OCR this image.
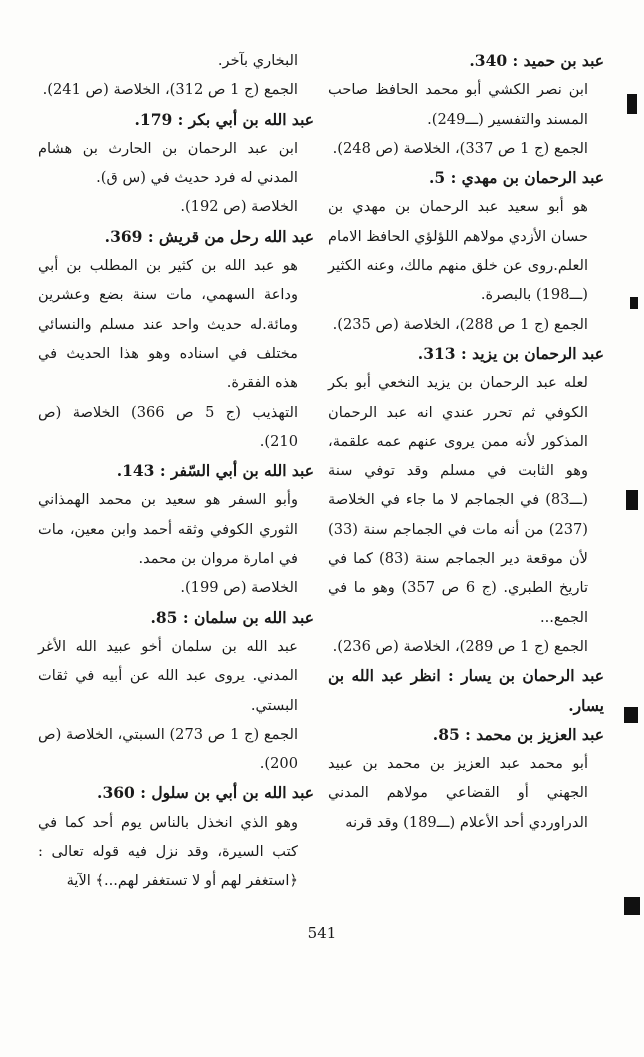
عبد بن حميد : 340.

ابن نصر الكشي أبو محمد الحافظ صاحب المسند والتفسير (ـــ249).

الجمع (ج 1 ص 337)، الخلاصة (ص 248).

عبد الرحمان بن مهدي : 5.

هو أبو سعيد عبد الرحمان بن مهدي بن حسان الأزدي مولاهم اللؤلؤي الحافظ الامام العلم.روى عن خلق منهم مالك، وعنه الكثير (ـــ198) بالبصرة.

الجمع (ج 1 ص 288)، الخلاصة (ص 235).

عبد الرحمان بن يزيد : 313.

لعله عبد الرحمان بن يزيد النخعي أبو بكر الكوفي ثم تحرر عندي انه عبد الرحمان المذكور لأنه ممن يروى عنهم عمه علقمة، وهو الثابت في مسلم وقد توفي سنة (ـــ83) في الجماجم لا ما جاء في الخلاصة (237) من أنه مات في الجماجم سنة (33) لأن موقعة دير الجماجم سنة (83) كما في تاريخ الطبري. (ج 6 ص 357) وهو ما في الجمع...

الجمع (ج 1 ص 289)، الخلاصة (ص 236).

عبد الرحمان بن يسار : انظر عبد الله بن يسار.

عبد العزيز بن محمد : 85.

أبو محمد عبد العزيز بن محمد بن عبيد الجهني أو القضاعي مولاهم المدني الدراوردي أحد الأعلام (ـــ189) وقد قرنه

البخاري بآخر.

الجمع (ج 1 ص 312)، الخلاصة (ص 241).

عبد الله بن أبي بكر : 179.

ابن عبد الرحمان بن الحارث بن هشام المدني له فرد حديث في (س ق).

الخلاصة (ص 192).

عبد الله رحل من قريش : 369.

هو عبد الله بن كثير بن المطلب بن أبي وداعة السهمي، مات سنة بضع وعشرين ومائة.له حديث واحد عند مسلم والنسائي مختلف في اسناده وهو هذا الحديث في هذه الفقرة.

التهذيب (ج 5 ص 366) الخلاصة (ص 210).

عبد الله بن أبي السّفر : 143.

وأبو السفر هو سعيد بن محمد الهمذاني الثوري الكوفي وثقه أحمد وابن معين، مات في امارة مروان بن محمد.

الخلاصة (ص 199).

عبد الله بن سلمان : 85.

عبد الله بن سلمان أخو عبيد الله الأغر المدني. يروى عبد الله عن أبيه في ثقات البستي.

الجمع (ج 1 ص 273) السبتي، الخلاصة (ص 200).

عبد الله بن أبي بن سلول : 360.

وهو الذي انخذل بالناس يوم أحد كما في كتب السيرة، وقد نزل فيه قوله تعالى : ﴿استغفر لهم أو لا تستغفر لهم...﴾ الآية

541
